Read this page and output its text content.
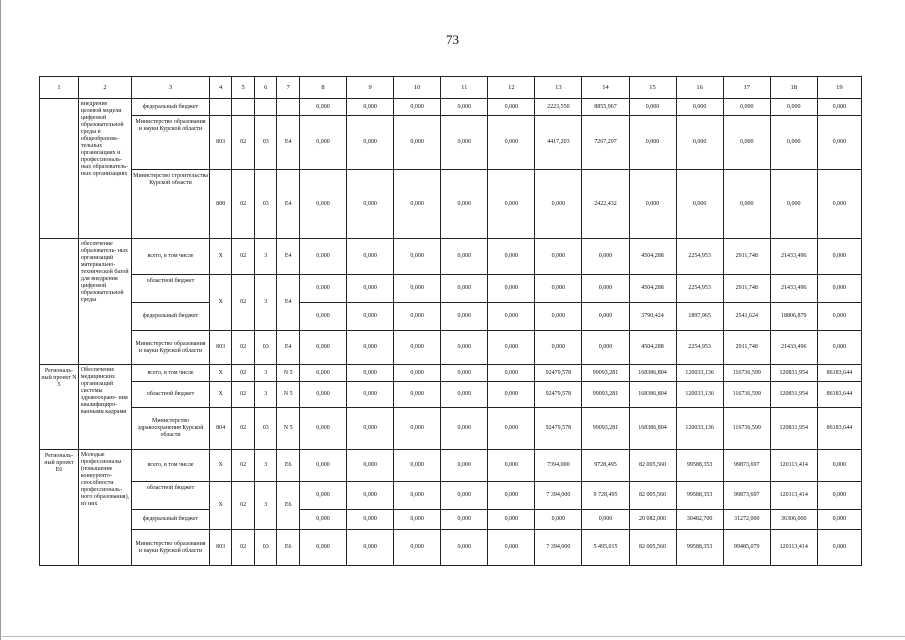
73
1	2	3	4	5	6	7	8	9	10	11	12	13	14	15	16	17	18	19
	внедрение целевой модели цифровой образовательной среды в общеобразова- тельных организациях и профессиональ- ных образователь- ных организациях	федеральный бюджет					0,000	0,000	0,000	0,000	0,000	2223,550	8855,967	0,000	0,000	0,000	0,000	0,000
		Министерство образования и науки Курской области	803	02	03	Е4	0,000	0,000	0,000	0,000	0,000	4417,203	7267,297	0,000	0,000	0,000	0,000	0,000
		Министерство строительства Курской области	808	02	03	Е4	0,000	0,000	0,000	0,000	0,000	0,000	2422,432	0,000	0,000	0,000	0,000	0,000
	обеспечение образователь- ных организаций материально- технической базой для внедрения цифровой образовательной среды	всего, в том числе	X	02	3	Е4	0,000	0,000	0,000	0,000	0,000	0,000	0,000	4504,288	2254,953	2911,748	21433,496	0,000
		областной бюджет	X	02	3	Е4	0,000	0,000	0,000	0,000	0,000	0,000	0,000	4504,288	2254,953	2911,748	21433,496	0,000
		федеральный бюджет					0,000	0,000	0,000	0,000	0,000	0,000	0,000	3790,424	1897,965	2541,624	18806,879	0,000
		Министерство образования и науки Курской области	803	02	03	Е4	0,000	0,000	0,000	0,000	0,000	0,000	0,000	4504,288	2254,953	2911,748	21433,496	0,000
Региональ- ный проект N 5	Обеспечение медицинских организаций системы здравоохране- ния квалифициро- ванными кадрами	всего, в том числе	X	02	3	N 5	0,000	0,000	0,000	0,000	0,000	92479,578	99093,281	168386,804	120033,136	116736,599	120831,954	86183,644
		областной бюджет	X	02	3	N 5	0,000	0,000	0,000	0,000	0,000	92479,578	99093,281	168386,804	120033,136	116736,599	120831,954	86183,644
		Министерство здравоохранения Курской области	804	02	03	N 5	0,000	0,000	0,000	0,000	0,000	92479,578	99093,281	168386,804	120033,136	116736,599	120831,954	86183,644
Региональ- ный проект Е6	Молодые профессионалы (повышение конкуренто- способности профессиональ- ного образования), из них	всего, в том числе	X	02	3	Е6	0,000	0,000	0,000	0,000	0,000	7394,000	9728,495	82 005,560	99588,353	99873,697	120113,414	0,000
		областной бюджет	X	02	3	Е6	0,000	0,000	0,000	0,000	0,000	7 394,000	9 728,495	82 005,560	99588,353	99873,697	120113,414	0,000
		федеральный бюджет					0,000	0,000	0,000	0,000	0,000	0,000	0,000	20 082,000	30482,700	31272,000	36306,000	0,000
		Министерство образования и науки Курской области	803	02	03	Е6	0,000	0,000	0,000	0,000	0,000	7 394,000	5 495,015	82 005,560	99588,353	99485,079	120113,414	0,000
